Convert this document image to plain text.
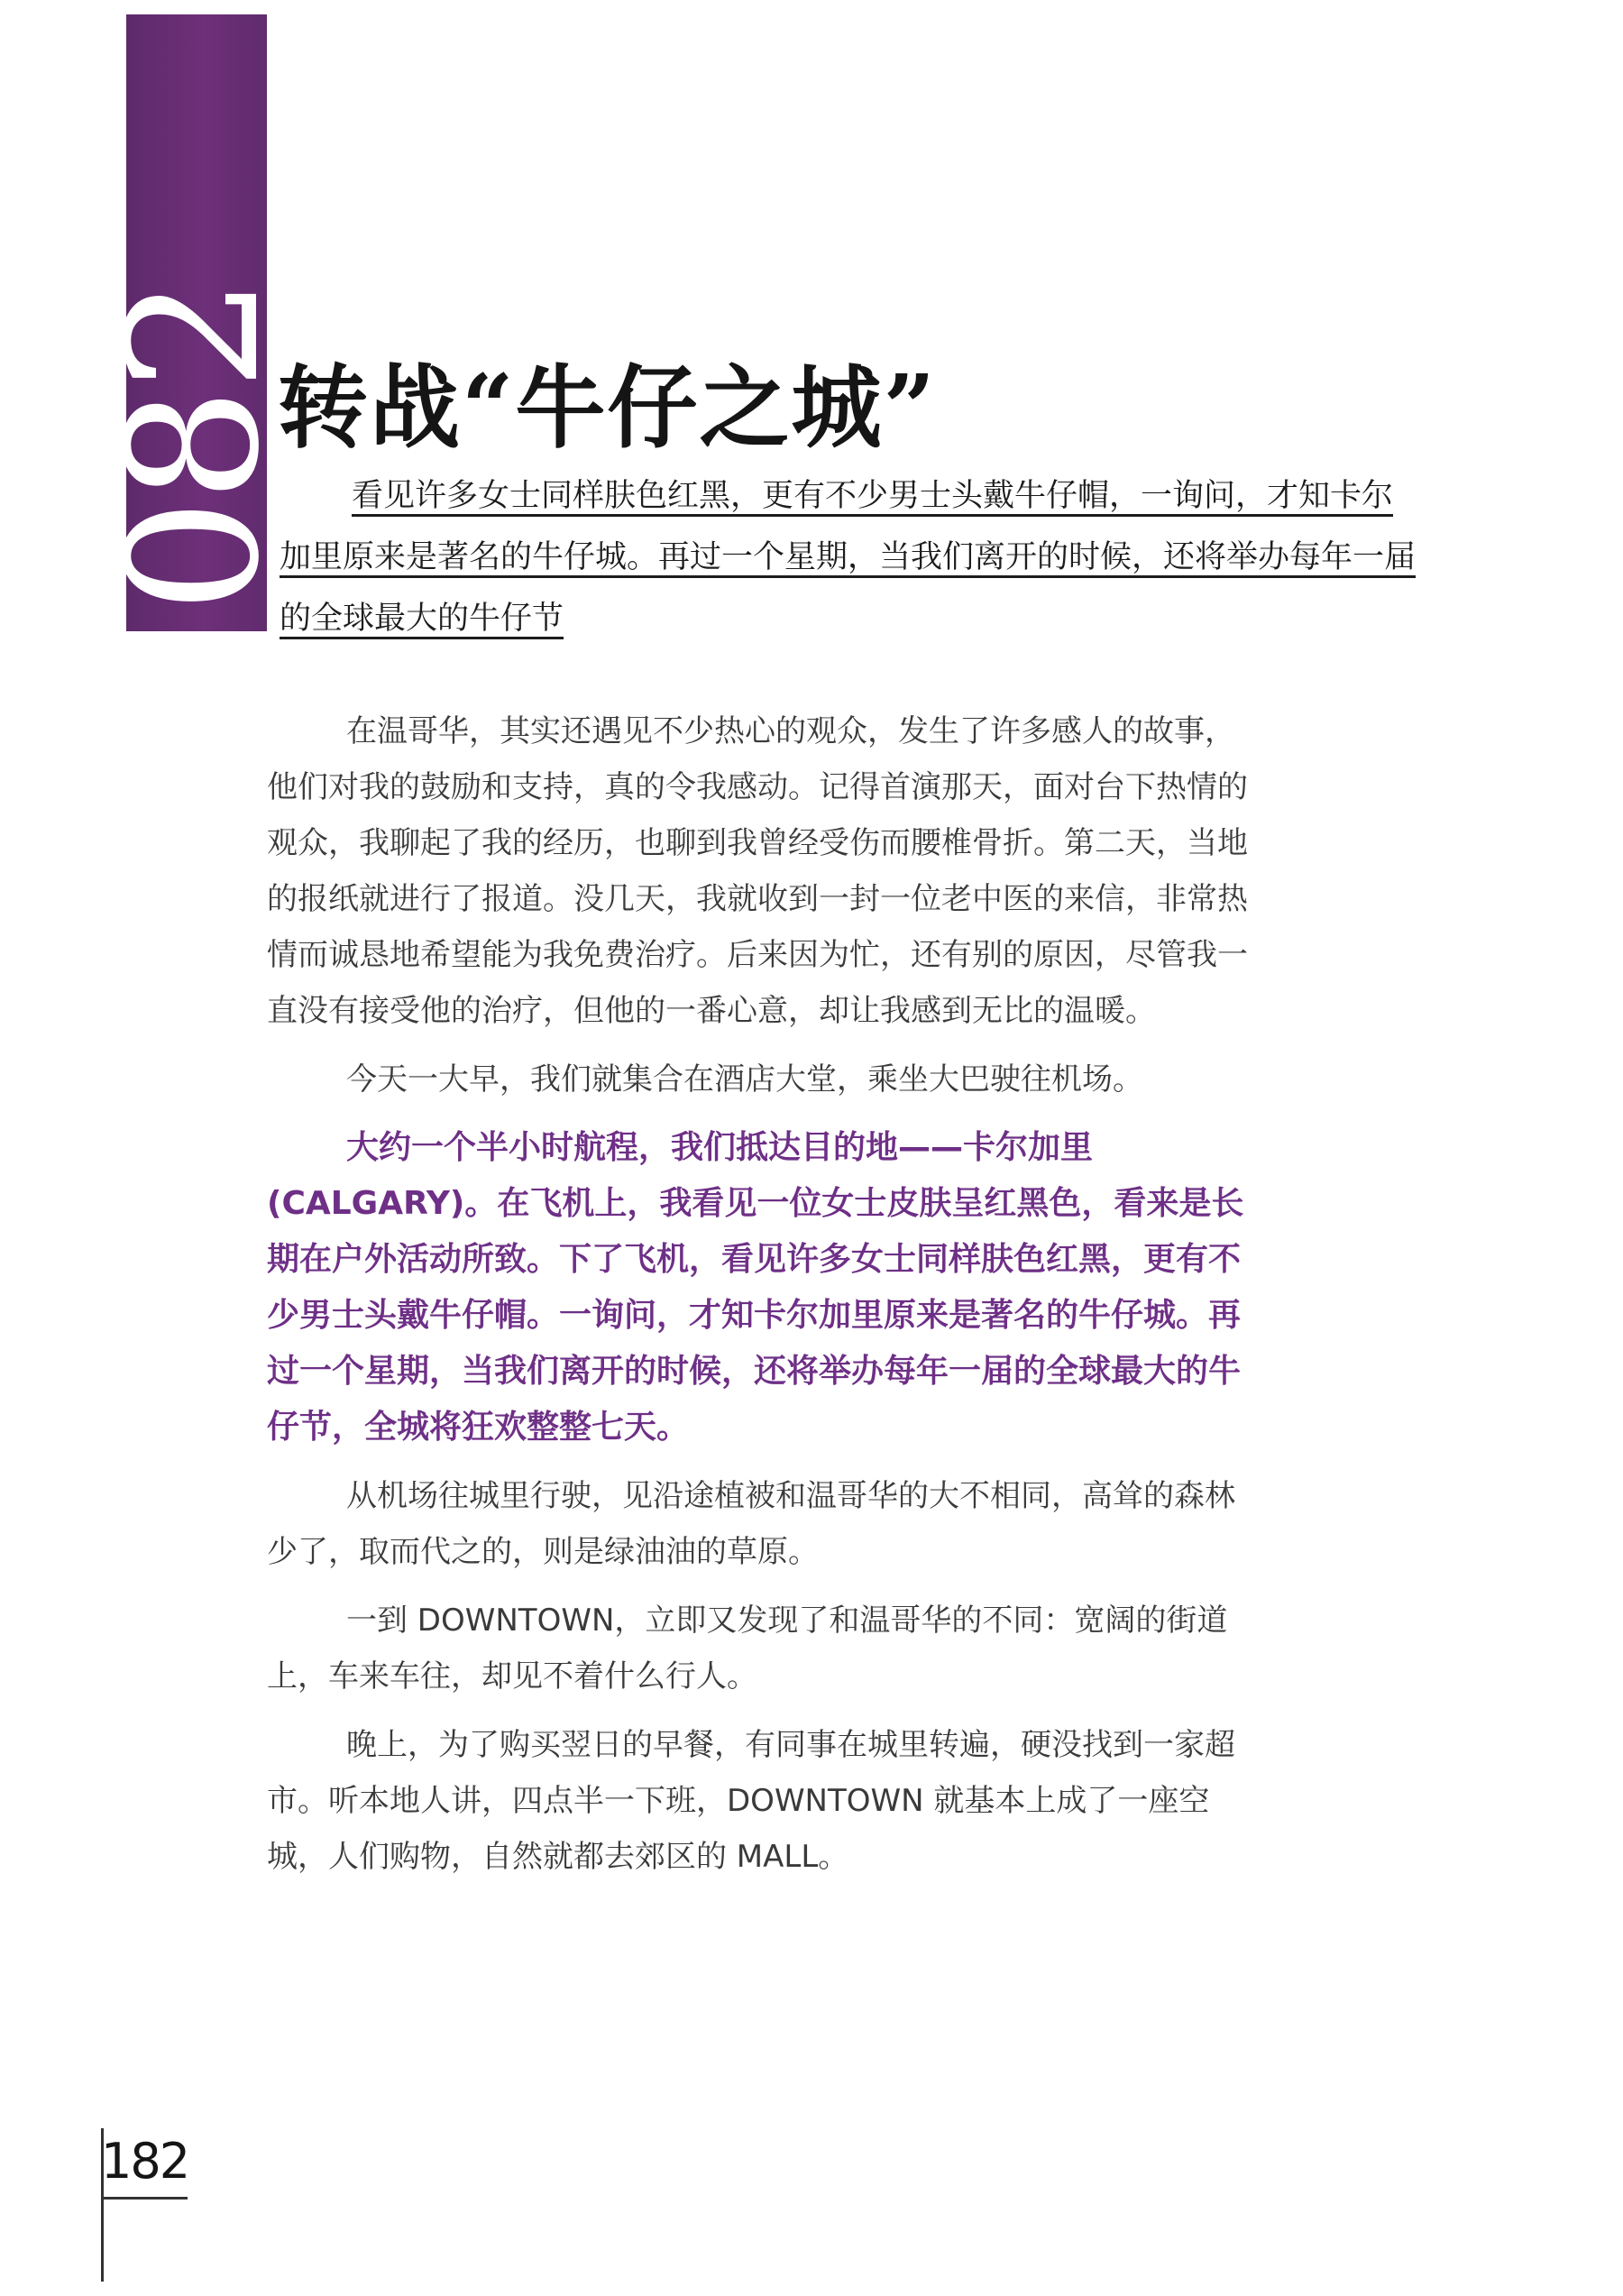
082
转战“牛仔之城”

看见许多女士同样肤色红黑，更有不少男士头戴牛仔帽，一询问，才知卡尔加里原来是著名的牛仔城。再过一个星期，当我们离开的时候，还将举办每年一届的全球最大的牛仔节

在温哥华，其实还遇见不少热心的观众，发生了许多感人的故事，他们对我的鼓励和支持，真的令我感动。记得首演那天，面对台下热情的观众，我聊起了我的经历，也聊到我曾经受伤而腰椎骨折。第二天，当地的报纸就进行了报道。没几天，我就收到一封一位老中医的来信，非常热情而诚恳地希望能为我免费治疗。后来因为忙，还有别的原因，尽管我一直没有接受他的治疗，但他的一番心意，却让我感到无比的温暖。

今天一大早，我们就集合在酒店大堂，乘坐大巴驶往机场。

大约一个半小时航程，我们抵达目的地——卡尔加里(CALGARY)。在飞机上，我看见一位女士皮肤呈红黑色，看来是长期在户外活动所致。下了飞机，看见许多女士同样肤色红黑，更有不少男士头戴牛仔帽。一询问，才知卡尔加里原来是著名的牛仔城。再过一个星期，当我们离开的时候，还将举办每年一届的全球最大的牛仔节，全城将狂欢整整七天。

从机场往城里行驶，见沿途植被和温哥华的大不相同，高耸的森林少了，取而代之的，则是绿油油的草原。

一到 DOWNTOWN，立即又发现了和温哥华的不同：宽阔的街道上，车来车往，却见不着什么行人。

晚上，为了购买翌日的早餐，有同事在城里转遍，硬没找到一家超市。听本地人讲，四点半一下班，DOWNTOWN 就基本上成了一座空城，人们购物，自然就都去郊区的 MALL。

182
